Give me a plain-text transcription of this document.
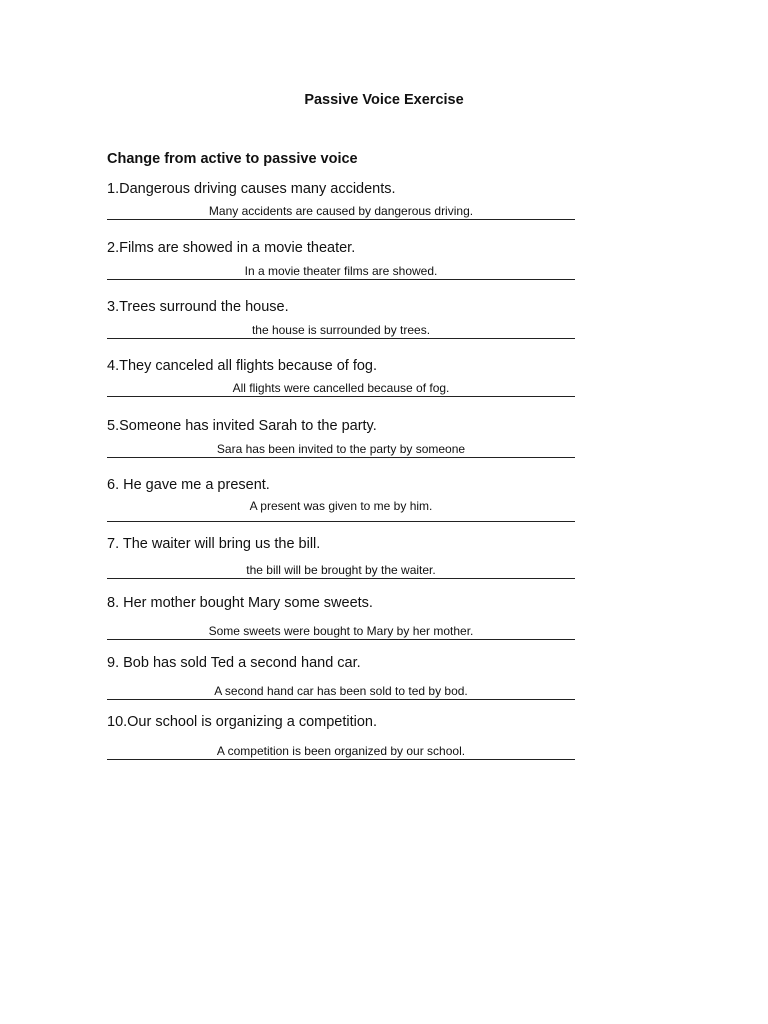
Passive Voice Exercise
Change from active to passive voice
1.Dangerous driving causes many accidents.
Many accidents are caused by dangerous driving.
2.Films are showed in a movie theater.
In a movie theater films are showed.
3.Trees surround the house.
the house is surrounded by trees.
4.They canceled all flights because of fog.
All flights were cancelled because of fog.
5.Someone has invited Sarah to the party.
Sara has been invited to the party by someone
6. He gave me a present.
A present was given to me by him.
7. The waiter will bring us the bill.
the bill will be brought by the waiter.
8. Her mother bought Mary some sweets.
Some sweets were bought to Mary by her mother.
9. Bob has sold Ted a second hand car.
A second hand car has been sold to ted by bod.
10.Our school is organizing a competition.
A competition is been organized by our school.
